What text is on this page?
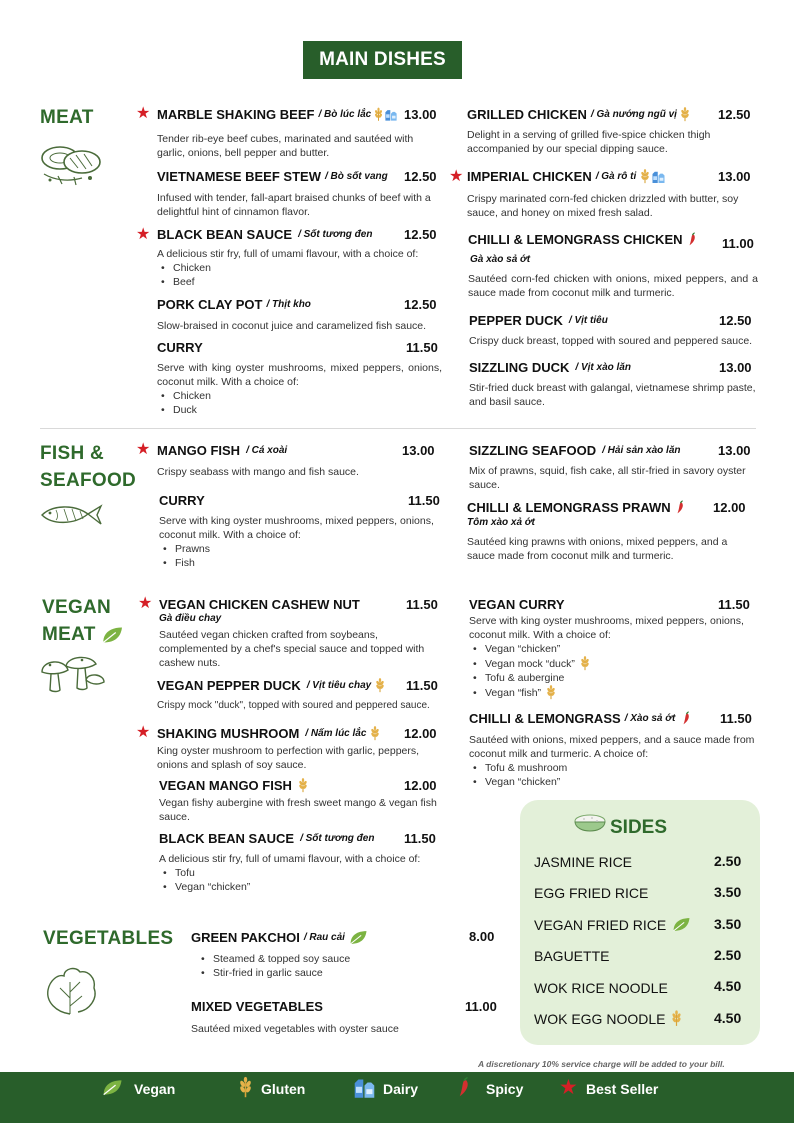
MAIN DISHES
MEAT	★ MARBLE SHAKING BEEF / Bò lúc lắc	13.00
Tender rib-eye beef cubes, marinated and sautéed with garlic, onions, bell pepper and butter.
VIETNAMESE BEEF STEW / Bò sốt vang 12.50
Infused with tender, fall-apart braised chunks of beef with a delightful hint of cinnamon flavor.
★ BLACK BEAN SAUCE / Sốt tương đen 12.50
A delicious stir fry, full of umami flavour, with a choice of:
• Chicken
• Beef
PORK CLAY POT / Thịt kho	12.50
Slow-braised in coconut juice and caramelized fish sauce.
CURRY	11.50
Serve with king oyster mushrooms, mixed peppers, onions, coconut milk. With a choice of:
• Chicken
• Duck
GRILLED CHICKEN / Gà nướng ngũ vị	12.50
Delight in a serving of grilled five-spice chicken thigh accompanied by our special dipping sauce.
★ IMPERIAL CHICKEN / Gà rô ti	13.00
Crispy marinated corn-fed chicken drizzled with butter, soy sauce, and honey on mixed fresh salad.
CHILLI & LEMONGRASS CHICKEN	11.00
Gà xào sả ớt
Sautéed corn-fed chicken with onions, mixed peppers, and a sauce made from coconut milk and turmeric.
PEPPER DUCK / Vịt tiêu	12.50
Crispy duck breast, topped with soured and peppered sauce.
SIZZLING DUCK / Vịt xào lăn	13.00
Stir-fried duck breast with galangal, vietnamese shrimp paste, and basil sauce.
FISH &
SEAFOOD
★ MANGO FISH / Cá xoài	13.00
Crispy seabass with mango and fish sauce.
CURRY	11.50
Serve with king oyster mushrooms, mixed peppers, onions, coconut milk. With a choice of:
• Prawns
• Fish
SIZZLING SEAFOOD / Hải sản xào lăn	13.00
Mix of prawns, squid, fish cake, all stir-fried in savory oyster sauce.
CHILLI & LEMONGRASS PRAWN	12.00
Tôm xào xả ớt
Sautéed king prawns with onions, mixed peppers, and a sauce made from coconut milk and turmeric.
VEGAN
MEAT
★ VEGAN CHICKEN CASHEW NUT	11.50
Gà điều chay
Sautéed vegan chicken crafted from soybeans, complemented by a chef's special sauce and topped with cashew nuts.
VEGAN PEPPER DUCK / Vịt tiêu chay	11.50
Crispy mock "duck", topped with soured and peppered sauce.
★ SHAKING MUSHROOM / Nấm lúc lắc	12.00
King oyster mushroom to perfection with garlic, peppers, onions and splash of soy sauce.
VEGAN MANGO FISH	12.00
Vegan fishy aubergine with fresh sweet mango & vegan fish sauce.
BLACK BEAN SAUCE / Sốt tương đen 11.50
A delicious stir fry, full of umami flavour, with a choice of:
• Tofu
• Vegan “chicken”
VEGAN CURRY	11.50
Serve with king oyster mushrooms, mixed peppers, onions, coconut milk. With a choice of:
• Vegan “chicken”
• Vegan mock “duck”
• Tofu & aubergine
• Vegan “fish”
CHILLI & LEMONGRASS / Xào sả ớt	11.50
Sautéed with onions, mixed peppers, and a sauce made from coconut milk and turmeric. A choice of:
• Tofu & mushroom
• Vegan “chicken”
VEGETABLES GREEN PAKCHOI / Rau cải	8.00
• Steamed & topped soy sauce
• Stir-fried in garlic sauce
MIXED VEGETABLES	11.00
Sautéed mixed vegetables with oyster sauce
SIDES
JASMINE RICE	2.50
EGG FRIED RICE	3.50
VEGAN FRIED RICE	3.50
BAGUETTE	2.50
WOK RICE NOODLE	4.50
WOK EGG NOODLE	4.50
A discretionary 10% service charge will be added to your bill.
Vegan	Gluten	Dairy	Spicy ★ Best Seller
